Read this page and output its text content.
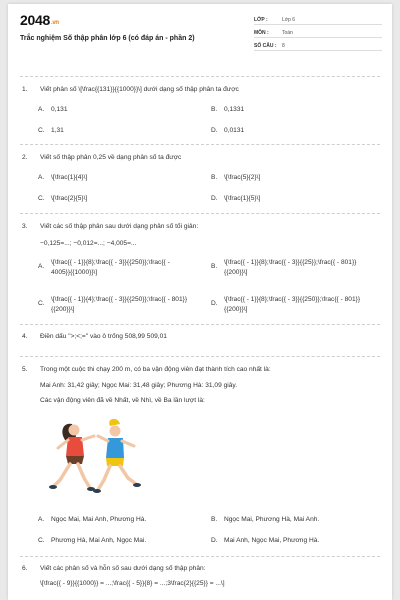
2048.vn
Trắc nghiệm Số thập phân lớp 6 (có đáp án - phần 2)
LỚP :	Lớp 6
MÔN :	Toán
SỐ CÂU : 8
1. Viết phân số \[\frac{{131}}{{1000}}\] dưới dạng số thập phân ta được
A. 0,131	B. 0,1331
C. 1,31	D. 0,0131
2. Viết số thập phân 0,25 về dạng phân số ta được
A. \[\frac{1}{4}\]	B. \[\frac{5}{2}\]
C. \[\frac{2}{5}\]	D. \[\frac{1}{5}\]
3. Viết các số thập phân sau dưới dạng phân số tối giản:
−0,125=...; −0,012=...; −4,005=...
A.
\[\frac{{ - 1}}{8};\frac{{ - 3}}{{250}};\frac{{ - 4005}}{{1000}}\]
B.
\[\frac{{ - 1}}{8};\frac{{ - 3}}{{25}};\frac{{ - 801}}{{200}}\]
C.
\[\frac{{ - 1}}{4};\frac{{ - 3}}{{250}};\frac{{ - 801}}{{200}}\]
D.
\[\frac{{ - 1}}{8};\frac{{ - 3}}{{250}};\frac{{ - 801}}{{200}}\]
4. Điền dấu ">;<;=" vào ô trống 508,99 509,01
5. Trong một cuộc thi chạy 200 m, có ba vận động viên đạt thành tích cao nhất là:
Mai Anh: 31,42 giây; Ngọc Mai: 31,48 giây; Phương Hà: 31,09 giây.
Các vận động viên đã về Nhất, về Nhì, về Ba lần lượt là:
A. Ngọc Mai, Mai Anh, Phương Hà.	B. Ngọc Mai, Phương Hà, Mai Anh.
C. Phương Hà, Mai Anh, Ngọc Mai.	D. Mai Anh, Ngọc Mai, Phương Hà.
6. Viết các phân số và hỗn số sau dưới dạng số thập phân:
\[\frac{{ - 9}}{{1000}} = ...;\frac{{ - 5}}{8} = ...;3\frac{2}{{25}} = ...\]
